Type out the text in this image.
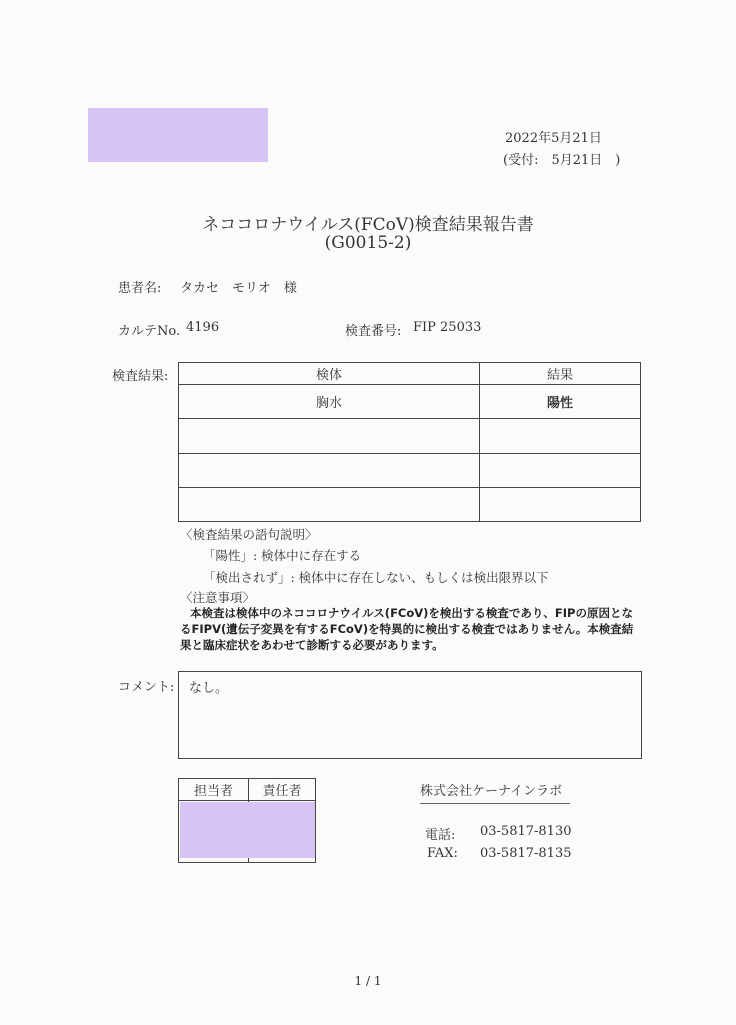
2022年5月21日
(受付:　5月21日　)
ネココロナウイルス(FCoV)検査結果報告書
(G0015-2)
患者名: タカセ　モリオ　様
カルテNo. 4196	検査番号: FIP 25033
検査結果:	検体	結果
胸水	陽性

〈検査結果の語句説明〉
「陽性」: 検体中に存在する
「検出されず」: 検体中に存在しない、もしくは検出限界以下
〈注意事項〉
本検査は検体中のネココロナウイルス(FCoV)を検出する検査であり、FIPの原因となるFIPV(遺伝子変異を有するFCoV)を特異的に検出する検査ではありません。本検査結果と臨床症状をあわせて診断する必要があります。
コメント: なし。
担当者	責任者
		株式会社ケーナインラボ
電話: 03-5817-8130
FAX: 03-5817-8135
1 / 1
